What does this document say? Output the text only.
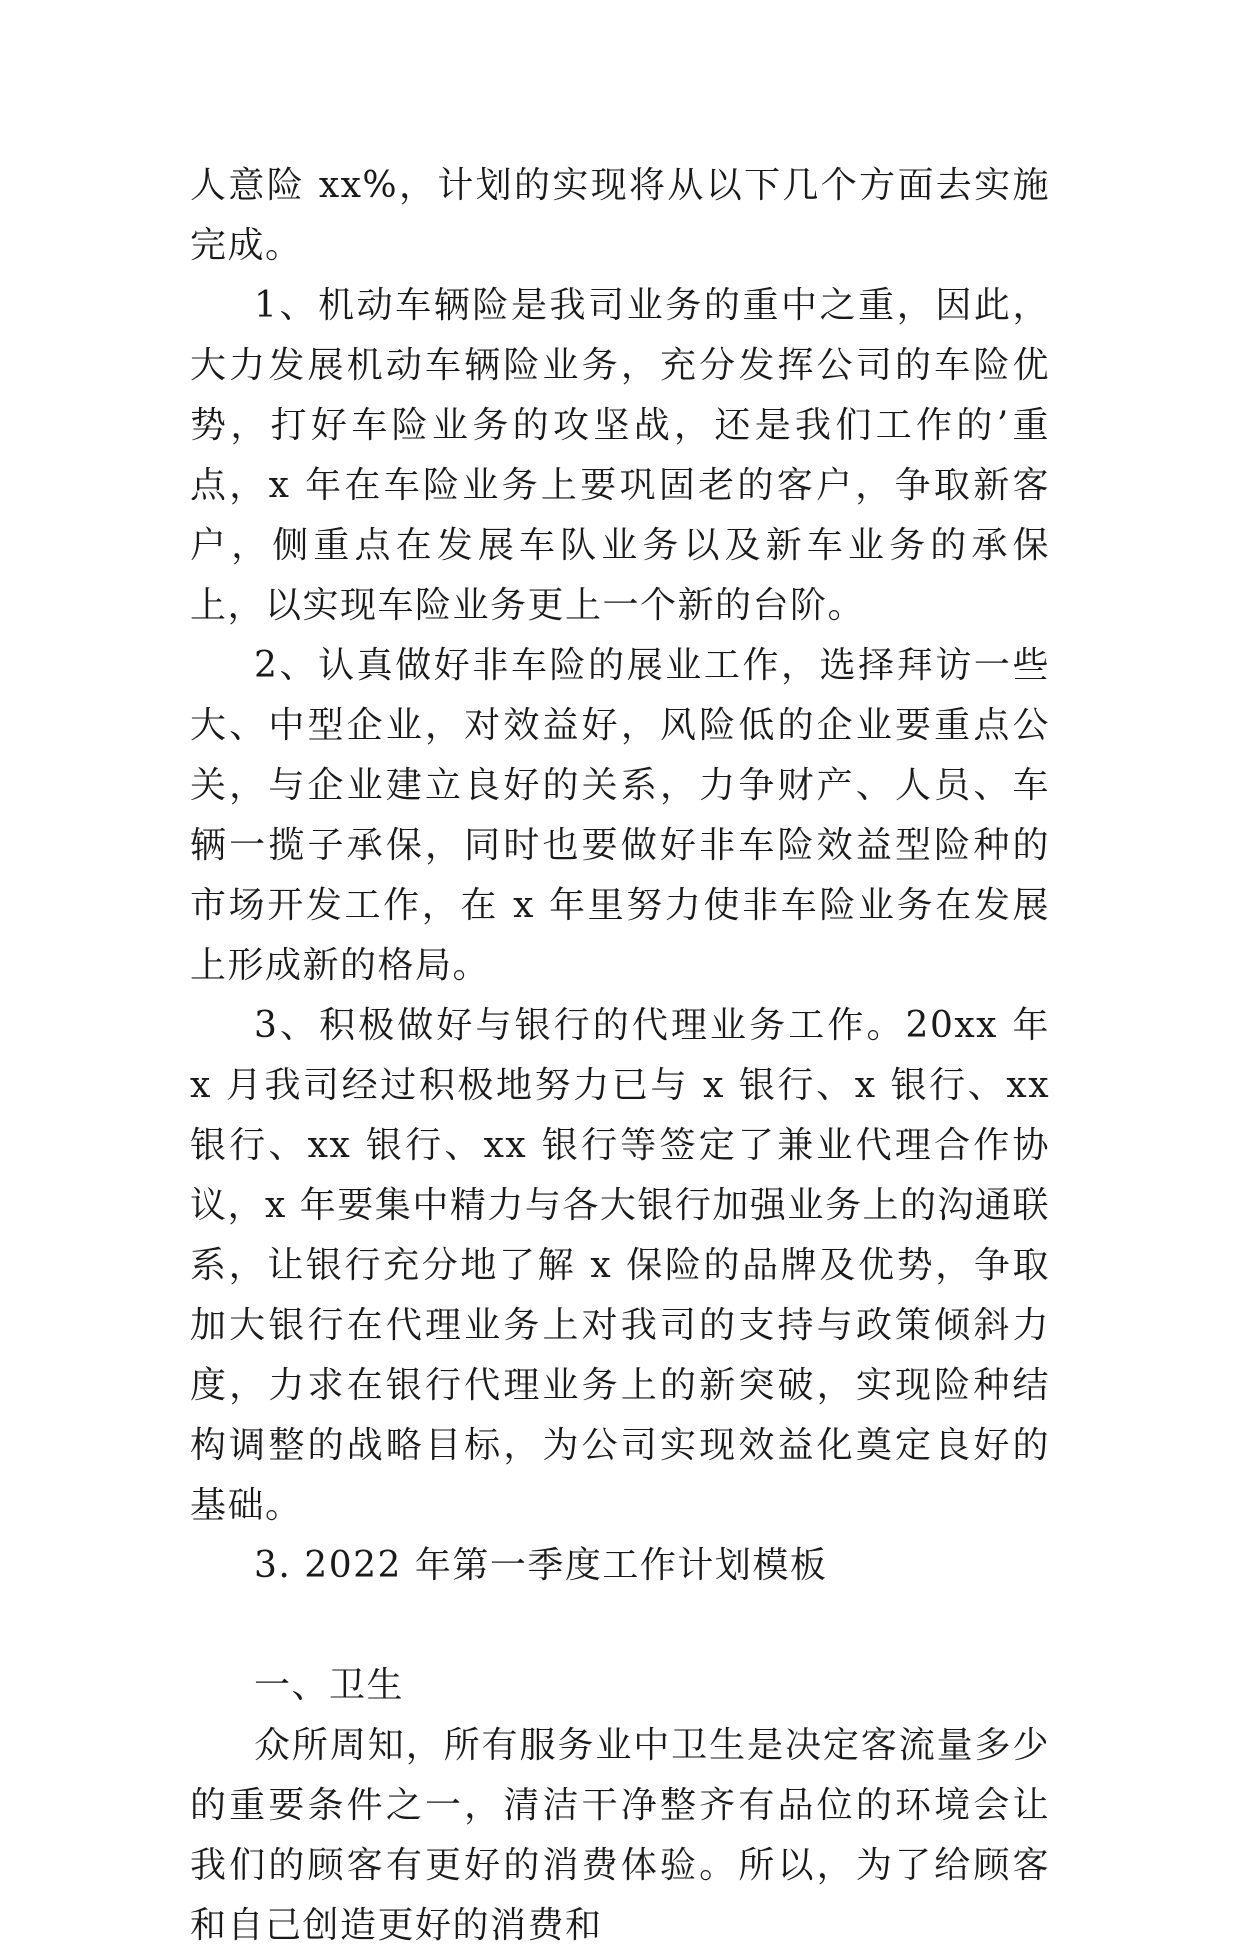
人意险 xx%，计划的实现将从以下几个方面去实施完成。

1、机动车辆险是我司业务的重中之重，因此，大力发展机动车辆险业务，充分发挥公司的车险优势，打好车险业务的攻坚战，还是我们工作的’重点，x 年在车险业务上要巩固老的客户，争取新客户，侧重点在发展车队业务以及新车业务的承保上，以实现车险业务更上一个新的台阶。

2、认真做好非车险的展业工作，选择拜访一些大、中型企业，对效益好，风险低的企业要重点公关，与企业建立良好的关系，力争财产、人员、车辆一揽子承保，同时也要做好非车险效益型险种的市场开发工作，在 x 年里努力使非车险业务在发展上形成新的格局。

3、积极做好与银行的代理业务工作。20xx 年 x 月我司经过积极地努力已与 x 银行、x 银行、xx 银行、xx 银行、xx 银行等签定了兼业代理合作协议，x 年要集中精力与各大银行加强业务上的沟通联系，让银行充分地了解 x 保险的品牌及优势，争取加大银行在代理业务上对我司的支持与政策倾斜力度，力求在银行代理业务上的新突破，实现险种结构调整的战略目标，为公司实现效益化奠定良好的基础。

3. 2022 年第一季度工作计划模板

一、卫生

众所周知，所有服务业中卫生是决定客流量多少的重要条件之一，清洁干净整齐有品位的环境会让我们的顾客有更好的消费体验。所以，为了给顾客和自己创造更好的消费和
